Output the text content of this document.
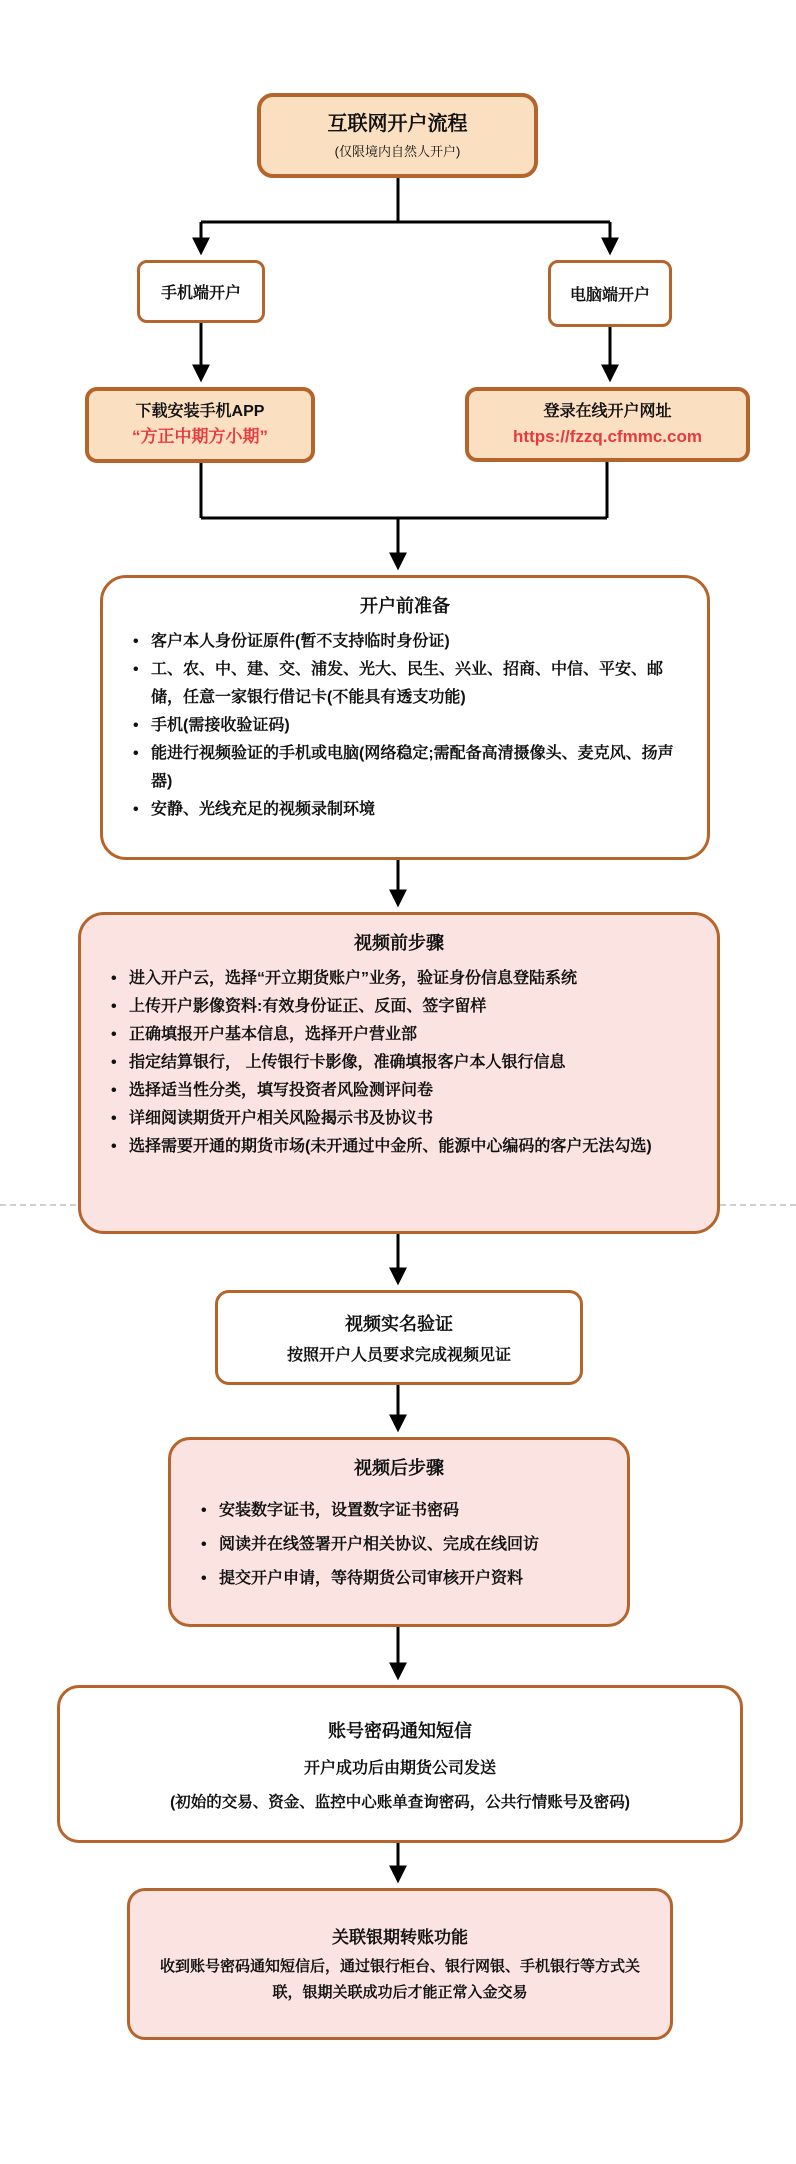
互联网开户流程
(仅限境内自然人开户)
手机端开户	电脑端开户
下载安装手机APP
“方正中期方小期”
登录在线开户网址
https://fzzq.cfmmc.com
开户前准备
• 客户本人身份证原件(暂不支持临时身份证)
• 工、农、中、建、交、浦发、光大、民生、兴业、招商、中信、平安、邮储，任意一家银行借记卡(不能具有透支功能)
• 手机(需接收验证码)
• 能进行视频验证的手机或电脑(网络稳定;需配备高清摄像头、麦克风、扬声器)
• 安静、光线充足的视频录制环境
视频前步骤
• 进入开户云，选择“开立期货账户”业务，验证身份信息登陆系统
• 上传开户影像资料:有效身份证正、反面、签字留样
• 正确填报开户基本信息，选择开户营业部
• 指定结算银行， 上传银行卡影像，准确填报客户本人银行信息
• 选择适当性分类，填写投资者风险测评问卷
• 详细阅读期货开户相关风险揭示书及协议书
• 选择需要开通的期货市场(未开通过中金所、能源中心编码的客户无法勾选)
视频实名验证
按照开户人员要求完成视频见证
视频后步骤
• 安装数字证书，设置数字证书密码
• 阅读并在线签署开户相关协议、完成在线回访
• 提交开户申请，等待期货公司审核开户资料
账号密码通知短信
开户成功后由期货公司发送
(初始的交易、资金、监控中心账单查询密码，公共行情账号及密码)
关联银期转账功能
收到账号密码通知短信后，通过银行柜台、银行网银、手机银行等方式关联，银期关联成功后才能正常入金交易
